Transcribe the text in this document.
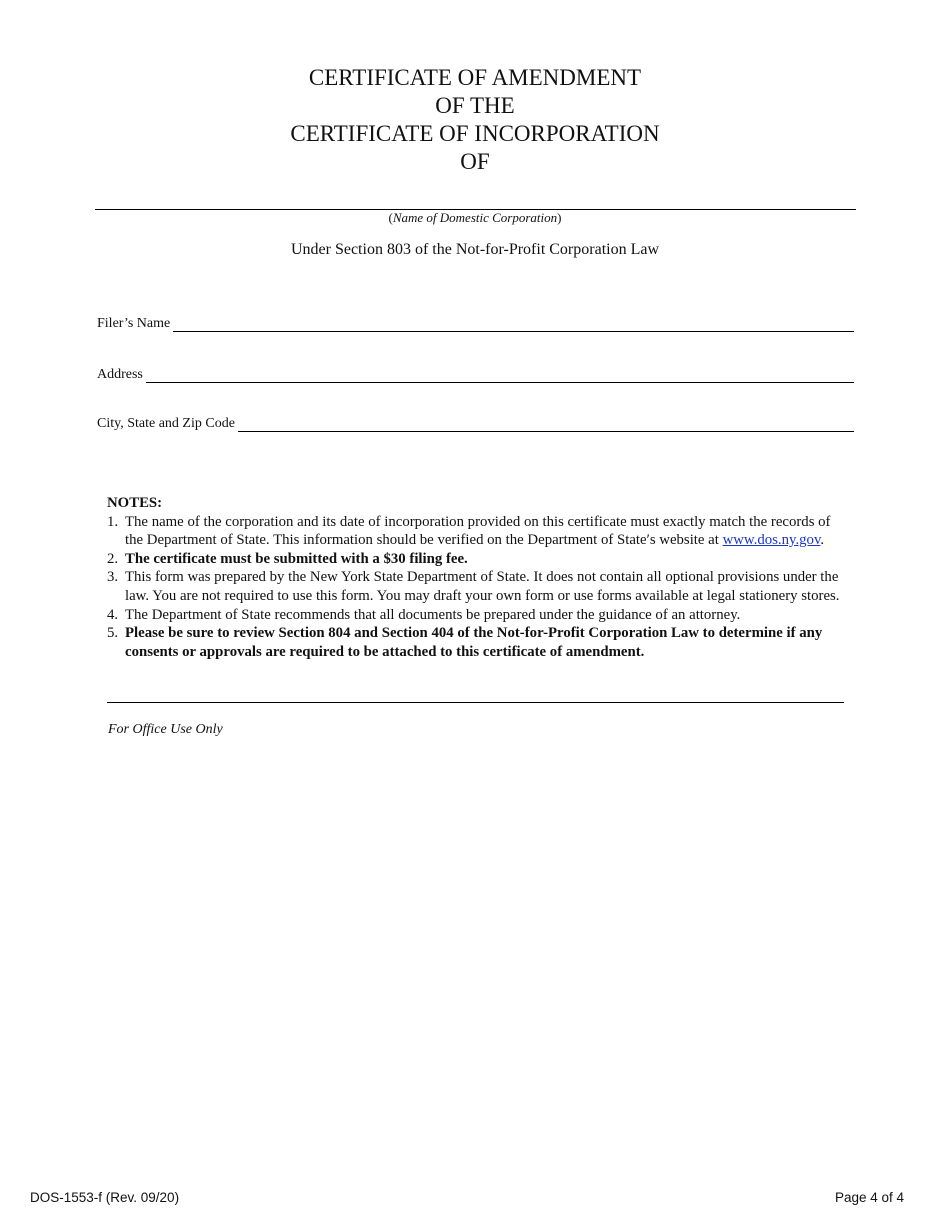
CERTIFICATE OF AMENDMENT
OF THE
CERTIFICATE OF INCORPORATION
OF
(Name of Domestic Corporation)
Under Section 803 of the Not-for-Profit Corporation Law
Filer’s Name
Address
City, State and Zip Code
NOTES:
1. The name of the corporation and its date of incorporation provided on this certificate must exactly match the records of the Department of State. This information should be verified on the Department of State′s website at www.dos.ny.gov.
2. The certificate must be submitted with a $30 filing fee.
3. This form was prepared by the New York State Department of State. It does not contain all optional provisions under the law. You are not required to use this form. You may draft your own form or use forms available at legal stationery stores.
4. The Department of State recommends that all documents be prepared under the guidance of an attorney.
5. Please be sure to review Section 804 and Section 404 of the Not-for-Profit Corporation Law to determine if any consents or approvals are required to be attached to this certificate of amendment.
For Office Use Only
DOS-1553-f (Rev. 09/20)	Page 4 of 4
